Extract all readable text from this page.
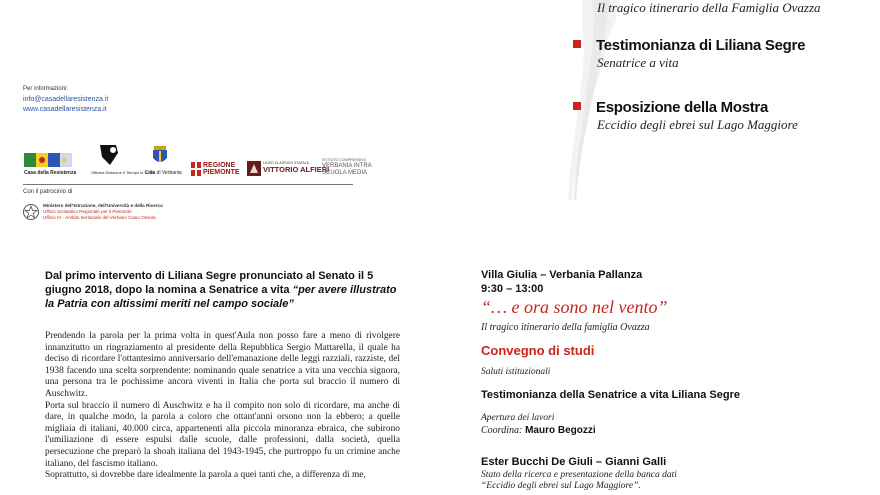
Per informazioni:
info@casadellaresistenza.it
www.casadellaresistenza.it
Casa della Resistenza	Officina Divisione Il Tiempo in Ghiffa
Città di Verbania
REGIONE PIEMONTE
LICEO CLASSICO STATALE
VITTORIO ALFIERI
ISTITUTO COMPRENSIVO
VERBANIA INTRA
SCUOLA MEDIA
Con il patrocinio di
Ministero dell'Istruzione, dell'Università e della Ricerca
Ufficio Scolastico Regionale per il Piemonte
Ufficio IV - Ambito territoriale del Verbano Cusio Ossola
Il tragico itinerario della Famiglia Ovazza
Testimonianza di Liliana Segre
Senatrice a vita
Esposizione della Mostra
Eccidio degli ebrei sul Lago Maggiore
Dal primo intervento di Liliana Segre pronunciato al Senato il 5 giugno 2018, dopo la nomina a Senatrice a vita “per avere illustrato la Patria con altissimi meriti nel campo sociale”

Prendendo la parola per la prima volta in quest'Aula non posso fare a meno di rivolgere innanzitutto un ringraziamento al presidente della Repubblica Sergio Mattarella, il quale ha deciso di ricordare l'ottantesimo anniversario dell'emanazione delle leggi razziali, razziste, del 1938 facendo una scelta sorprendente: nominando quale senatrice a vita una vecchia signora, una persona tra le pochissime ancora viventi in Italia che porta sul braccio il numero di Auschwitz.

Porta sul braccio il numero di Auschwitz e ha il compito non solo di ricordare, ma anche di dare, in qualche modo, la parola a coloro che ottant'anni orsono non la ebbero; a quelle migliaia di italiani, 40.000 circa, appartenenti alla piccola minoranza ebraica, che subirono l'umiliazione di essere espulsi dalle scuole, dalle professioni, dalla società, quella persecuzione che preparò la shoah italiana del 1943-1945, che purtroppo fu un crimine anche italiano, del fascismo italiano.

Soprattutto, si dovrebbe dare idealmente la parola a quei tanti che, a differenza di me,

Villa Giulia – Verbania Pallanza
9:30 – 13:00
“… e ora sono nel vento”
Il tragico itinerario della famiglia Ovazza
Convegno di studi
Saluti istituzionali
Testimonianza della Senatrice a vita Liliana Segre
Apertura dei lavori
Coordina: Mauro Begozzi
Ester Bucchi De Giuli – Gianni Galli
Stato della ricerca e presentazione della banca dati
“Eccidio degli ebrei sul Lago Maggiore”.
